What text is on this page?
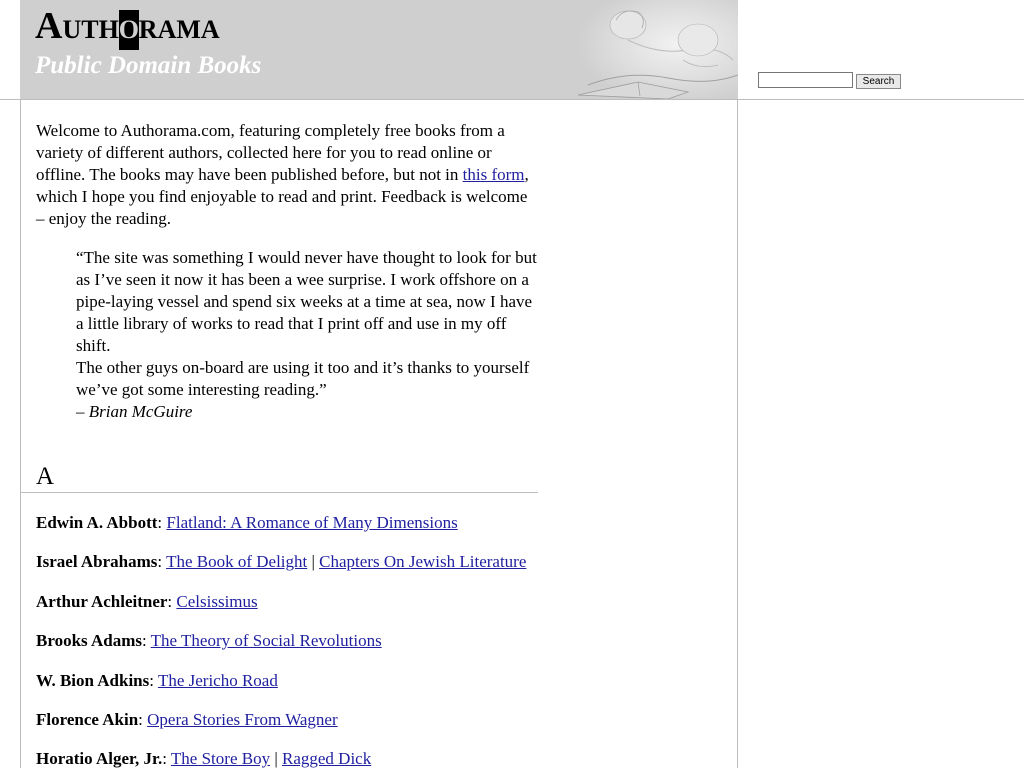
AUTHORAMA
Public Domain Books
Search

Welcome to Authorama.com, featuring completely free books from a variety of different authors, collected here for you to read online or offline. The books may have been published before, but not in this form, which I hope you find enjoyable to read and print. Feedback is welcome – enjoy the reading.

“The site was something I would never have thought to look for but as I’ve seen it now it has been a wee surprise. I work offshore on a pipe-laying vessel and spend six weeks at a time at sea, now I have a little library of works to read that I print off and use in my off shift.

The other guys on-board are using it too and it’s thanks to yourself we’ve got some interesting reading.”

– Brian McGuire

A
Edwin A. Abbott: Flatland: A Romance of Many Dimensions
Israel Abrahams: The Book of Delight | Chapters On Jewish Literature
Arthur Achleitner: Celsissimus
Brooks Adams: The Theory of Social Revolutions
W. Bion Adkins: The Jericho Road
Florence Akin: Opera Stories From Wagner
Horatio Alger, Jr.: The Store Boy | Ragged Dick
